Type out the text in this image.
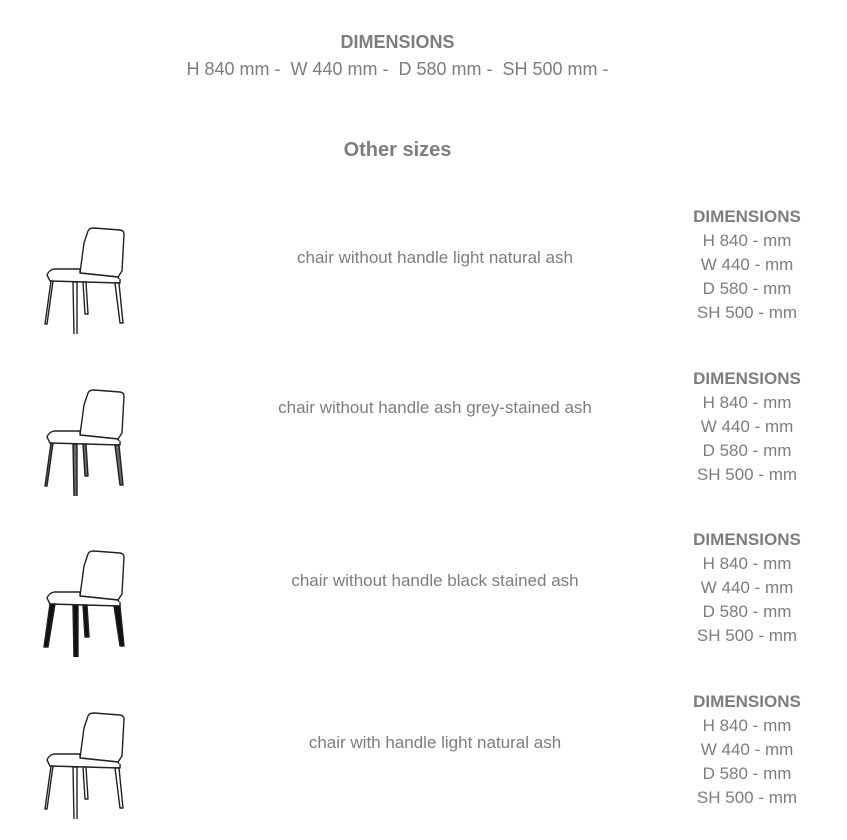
DIMENSIONS
H 840 mm -  W 440 mm -  D 580 mm -  SH 500 mm -
Other sizes
chair without handle light natural ash
DIMENSIONS
H 840 - mm
W 440 - mm
D 580 - mm
SH 500 - mm
chair without handle ash grey-stained ash
DIMENSIONS
H 840 - mm
W 440 - mm
D 580 - mm
SH 500 - mm
chair without handle black stained ash
DIMENSIONS
H 840 - mm
W 440 - mm
D 580 - mm
SH 500 - mm
chair with handle light natural ash
DIMENSIONS
H 840 - mm
W 440 - mm
D 580 - mm
SH 500 - mm
